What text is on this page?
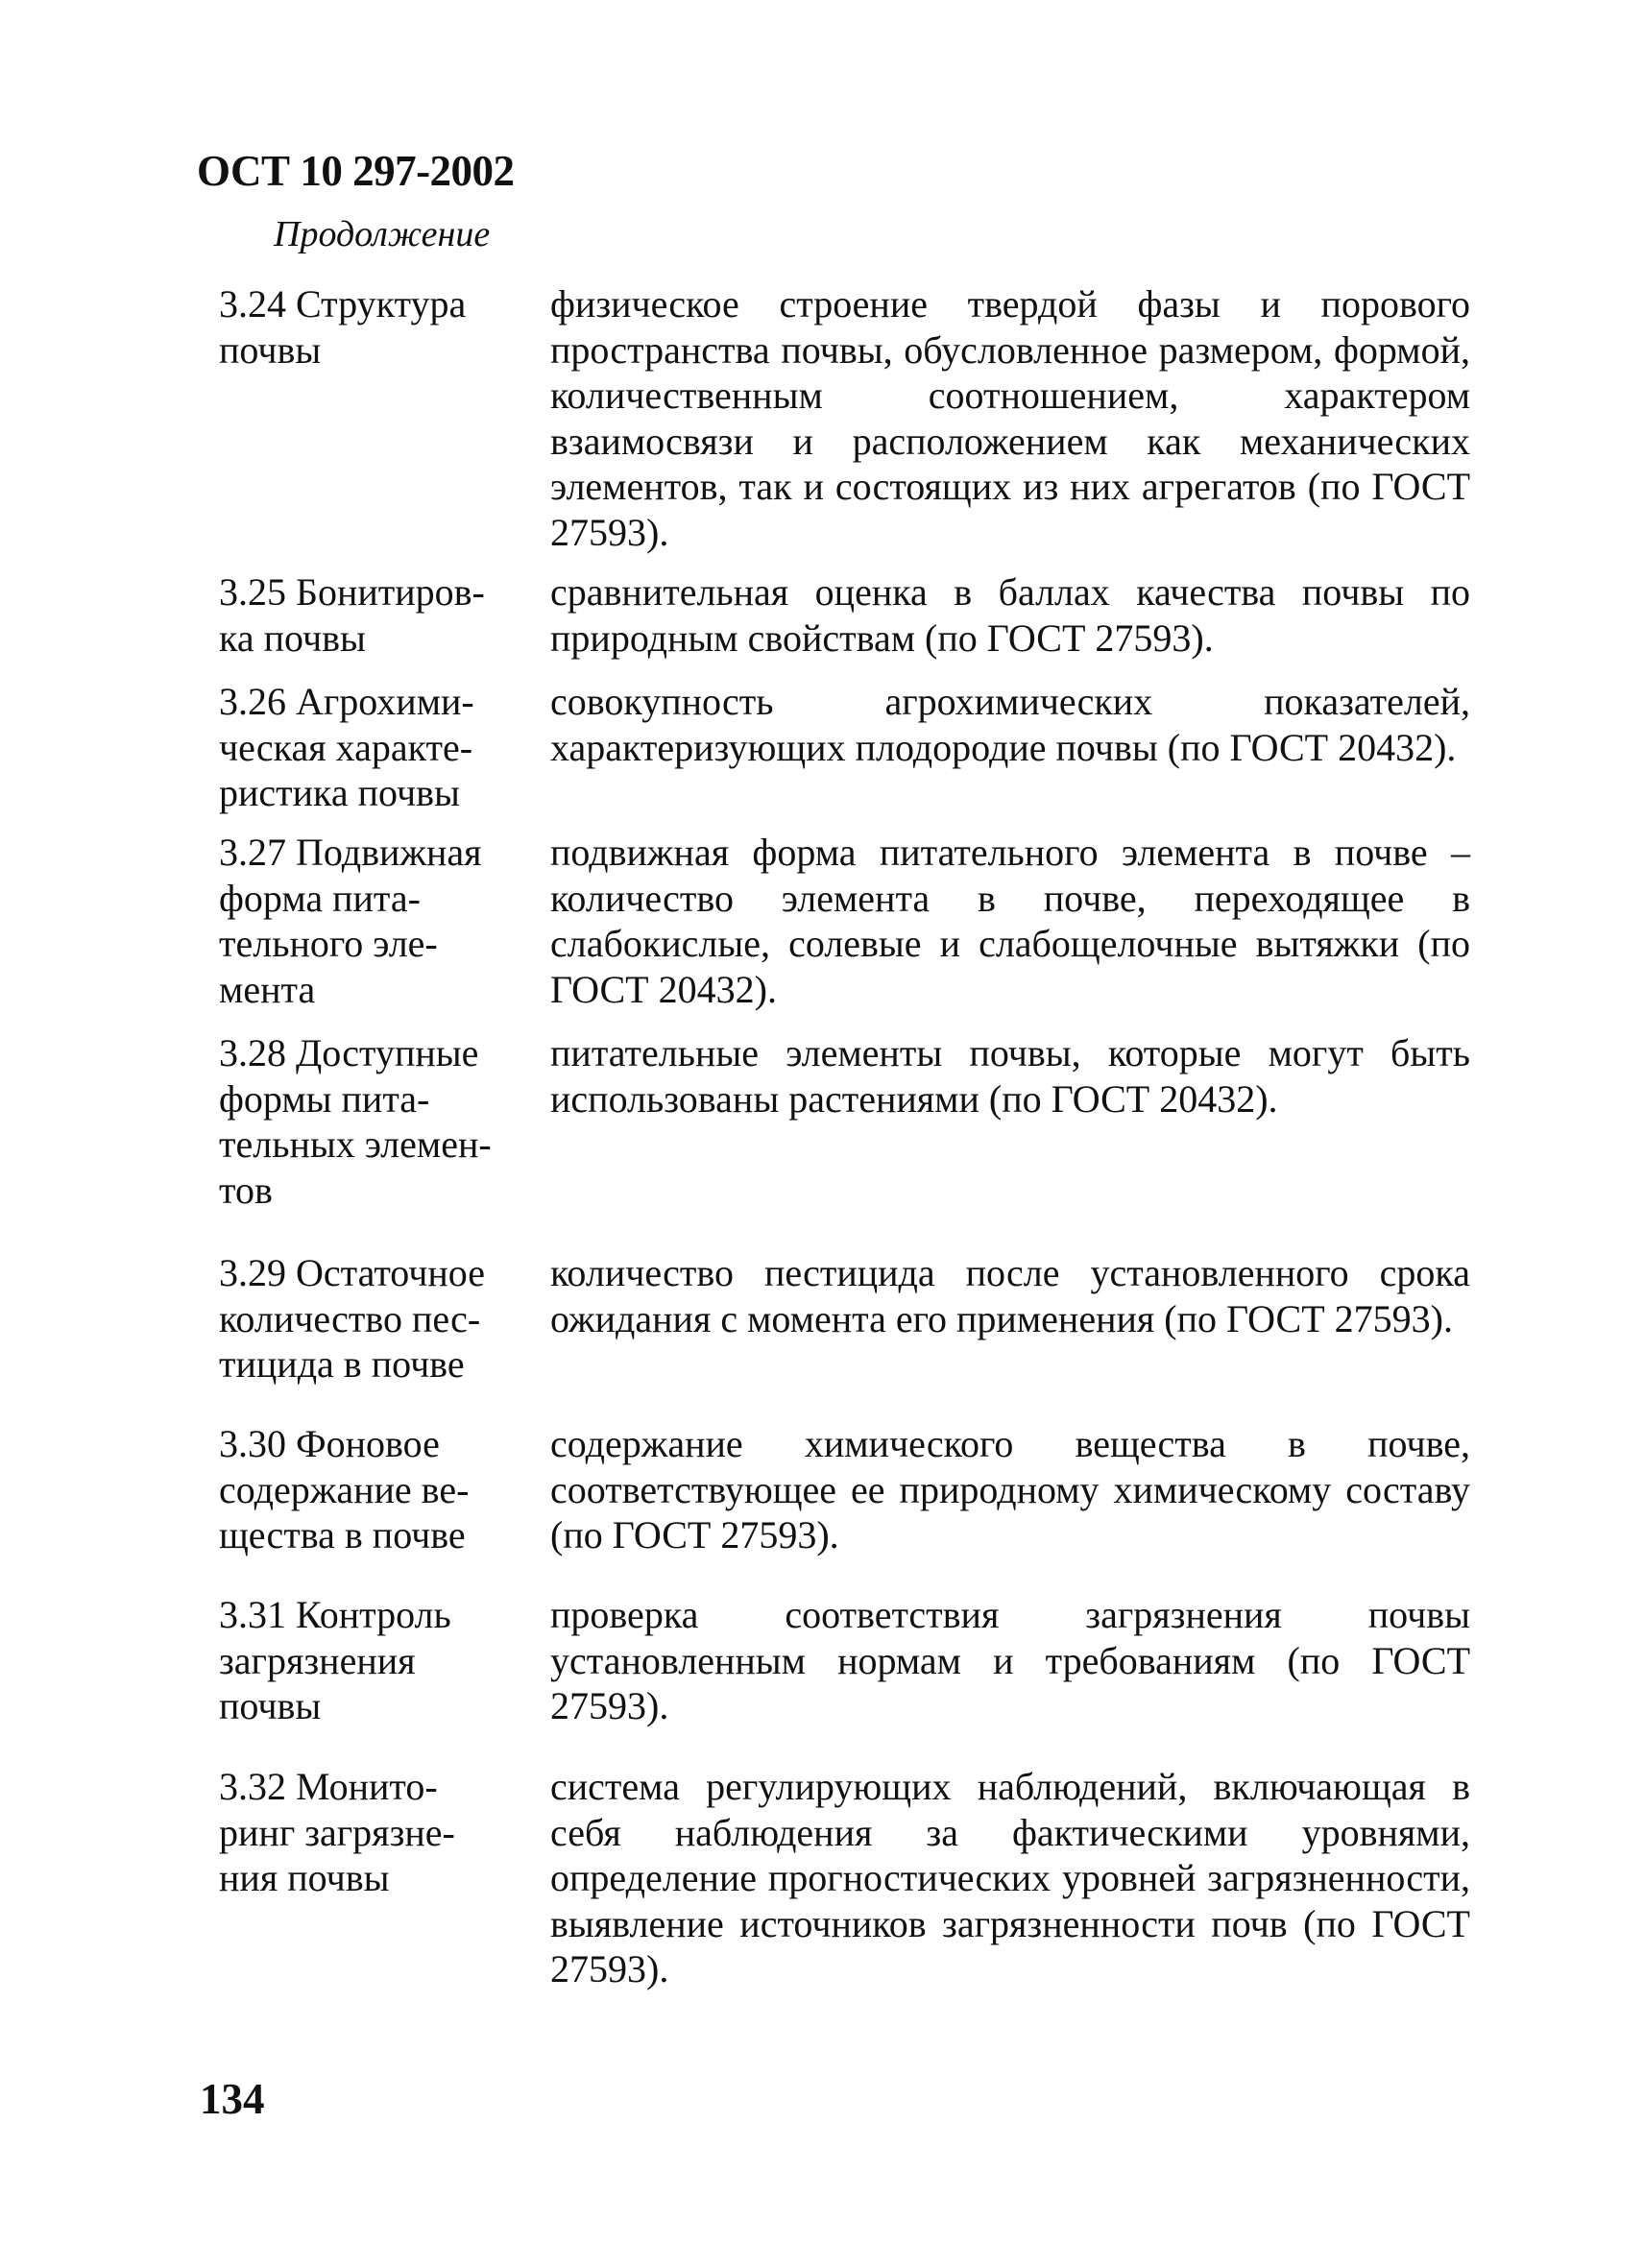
ОСТ 10 297-2002
Продолжение
3.24 Структура
почвы
физическое строение твердой фазы и порового пространства почвы, обусловленное размером, формой, количественным соотношением, характером взаимосвязи и расположением как механических элементов, так и состоящих из них агрегатов (по ГОСТ 27593).
3.25 Бонитиров-
ка почвы
сравнительная оценка в баллах качества почвы по природным свойствам (по ГОСТ 27593).
3.26 Агрохими-
ческая характе-
ристика почвы
совокупность агрохимических показателей, характеризующих плодородие почвы (по ГОСТ 20432).
3.27 Подвижная
форма пита-
тельного эле-
мента
подвижная форма питательного элемента в почве – количество элемента в почве, переходящее в слабокислые, солевые и слабощелочные вытяжки (по ГОСТ 20432).
3.28 Доступные
формы пита-
тельных элемен-
тов
питательные элементы почвы, которые могут быть использованы растениями (по ГОСТ 20432).
3.29 Остаточное
количество пес-
тицида в почве
количество пестицида после установленного срока ожидания с момента его применения (по ГОСТ 27593).
3.30 Фоновое
содержание ве-
щества в почве
содержание химического вещества в почве, соответствующее ее природному химическому составу (по ГОСТ 27593).
3.31 Контроль
загрязнения
почвы
проверка соответствия загрязнения почвы установленным нормам и требованиям (по ГОСТ 27593).
3.32 Монито-
ринг загрязне-
ния почвы
система регулирующих наблюдений, включающая в себя наблюдения за фактическими уровнями, определение прогностических уровней загрязненности, выявление источников загрязненности почв (по ГОСТ 27593).
134
